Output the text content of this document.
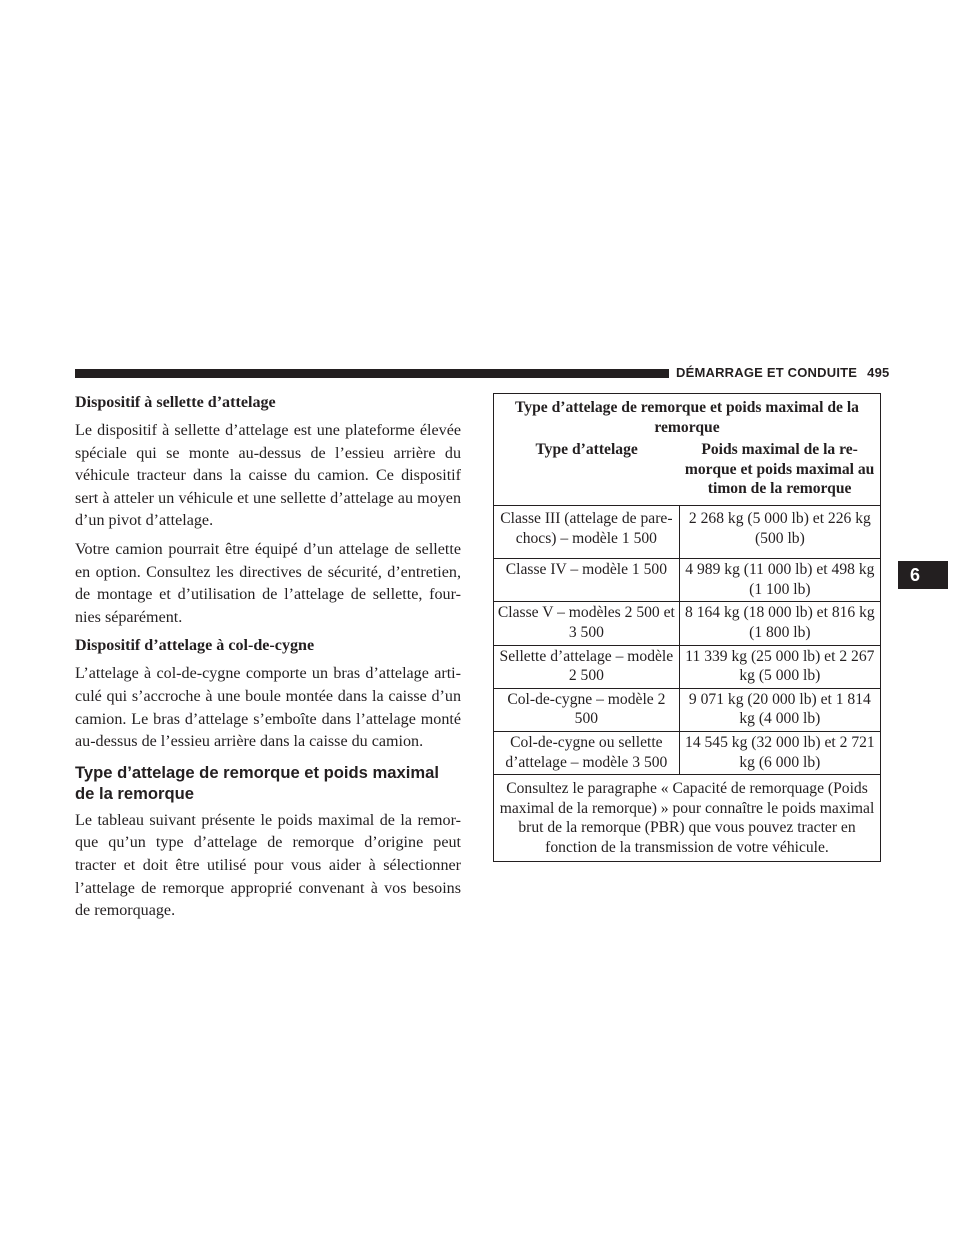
DÉMARRAGE ET CONDUITE 495
6
Dispositif à sellette d’attelage

Le dispositif à sellette d’attelage est une plateforme élevée spéciale qui se monte au-dessus de l’essieu arrière du véhicule tracteur dans la caisse du camion. Ce dispositif sert à atteler un véhicule et une sellette d’attelage au moyen d’un pivot d’attelage.

Votre camion pourrait être équipé d’un attelage de sellette en option. Consultez les directives de sécurité, d’entretien, de montage et d’utilisation de l’attelage de sellette, four- nies séparément.

Dispositif d’attelage à col-de-cygne

L’attelage à col-de-cygne comporte un bras d’attelage arti- culé qui s’accroche à une boule montée dans la caisse d’un camion. Le bras d’attelage s’emboîte dans l’attelage monté au-dessus de l’essieu arrière dans la caisse du camion.

Type d’attelage de remorque et poids maximal de la remorque

Le tableau suivant présente le poids maximal de la remor- que qu’un type d’attelage de remorque d’origine peut tracter et doit être utilisé pour vous aider à sélectionner l’attelage de remorque approprié convenant à vos besoins de remorquage.

Type d’attelage de remorque et poids maximal de la remorque	
Type d’attelage	Poids maximal de la re- morque et poids maximal au timon de la remorque
Classe III (attelage de pare-chocs) – modèle 1 500	2 268 kg (5 000 lb) et 226 kg (500 lb)
Classe IV – modèle 1 500	4 989 kg (11 000 lb) et 498 kg (1 100 lb)
Classe V – modèles 2 500 et 3 500	8 164 kg (18 000 lb) et 816 kg (1 800 lb)
Sellette d’attelage – modèle 2 500	11 339 kg (25 000 lb) et 2 267 kg (5 000 lb)
Col-de-cygne – modèle 2 500	9 071 kg (20 000 lb) et 1 814 kg (4 000 lb)
Col-de-cygne ou sellette d’attelage – modèle 3 500	14 545 kg (32 000 lb) et 2 721 kg (6 000 lb)
Consultez le paragraphe « Capacité de remorquage (Poids maximal de la remorque) » pour connaître le poids maximal brut de la remorque (PBR) que vous pouvez tracter en fonction de la transmission de votre véhicule.	
